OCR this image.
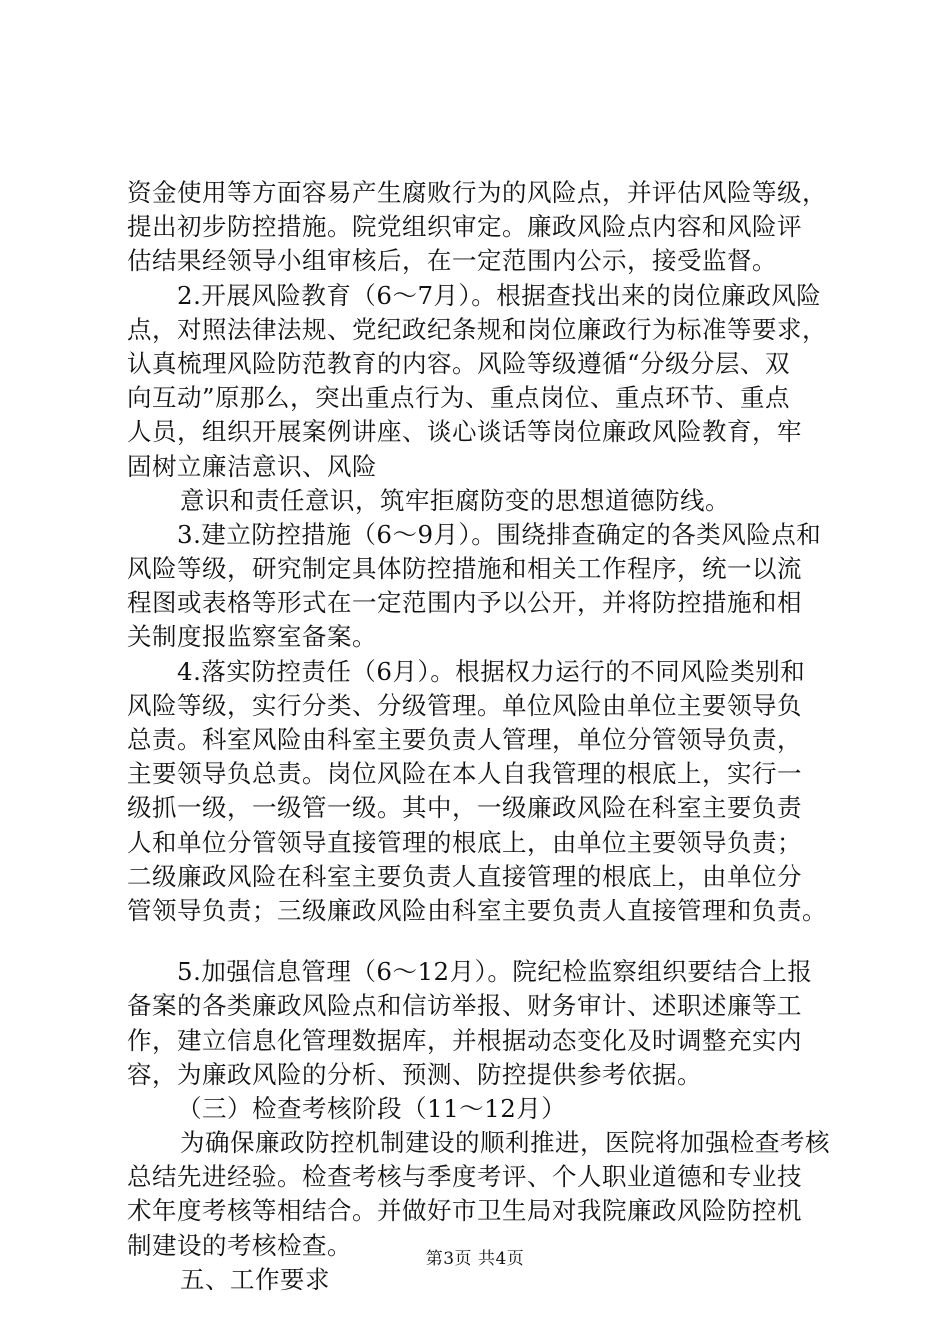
资金使用等方面容易产生腐败行为的风险点，并评估风险等级，
提出初步防控措施。院党组织审定。廉政风险点内容和风险评
估结果经领导小组审核后，在一定范围内公示，接受监督。
2.开展风险教育（6～7月）。根据查找出来的岗位廉政风险
点，对照法律法规、党纪政纪条规和岗位廉政行为标准等要求，
认真梳理风险防范教育的内容。风险等级遵循“分级分层、双
向互动”原那么，突出重点行为、重点岗位、重点环节、重点
人员，组织开展案例讲座、谈心谈话等岗位廉政风险教育，牢
固树立廉洁意识、风险
意识和责任意识，筑牢拒腐防变的思想道德防线。
3.建立防控措施（6～9月）。围绕排查确定的各类风险点和
风险等级，研究制定具体防控措施和相关工作程序，统一以流
程图或表格等形式在一定范围内予以公开，并将防控措施和相
关制度报监察室备案。
4.落实防控责任（6月）。根据权力运行的不同风险类别和
风险等级，实行分类、分级管理。单位风险由单位主要领导负
总责。科室风险由科室主要负责人管理，单位分管领导负责，
主要领导负总责。岗位风险在本人自我管理的根底上，实行一
级抓一级，一级管一级。其中，一级廉政风险在科室主要负责
人和单位分管领导直接管理的根底上，由单位主要领导负责；
二级廉政风险在科室主要负责人直接管理的根底上，由单位分
管领导负责；三级廉政风险由科室主要负责人直接管理和负责。
5.加强信息管理（6～12月）。院纪检监察组织要结合上报
备案的各类廉政风险点和信访举报、财务审计、述职述廉等工
作，建立信息化管理数据库，并根据动态变化及时调整充实内
容，为廉政风险的分析、预测、防控提供参考依据。
（三）检查考核阶段（11～12月）
为确保廉政防控机制建设的顺利推进，医院将加强检查考核
总结先进经验。检查考核与季度考评、个人职业道德和专业技
术年度考核等相结合。并做好市卫生局对我院廉政风险防控机
制建设的考核检查。
五、工作要求
第3页 共4页
